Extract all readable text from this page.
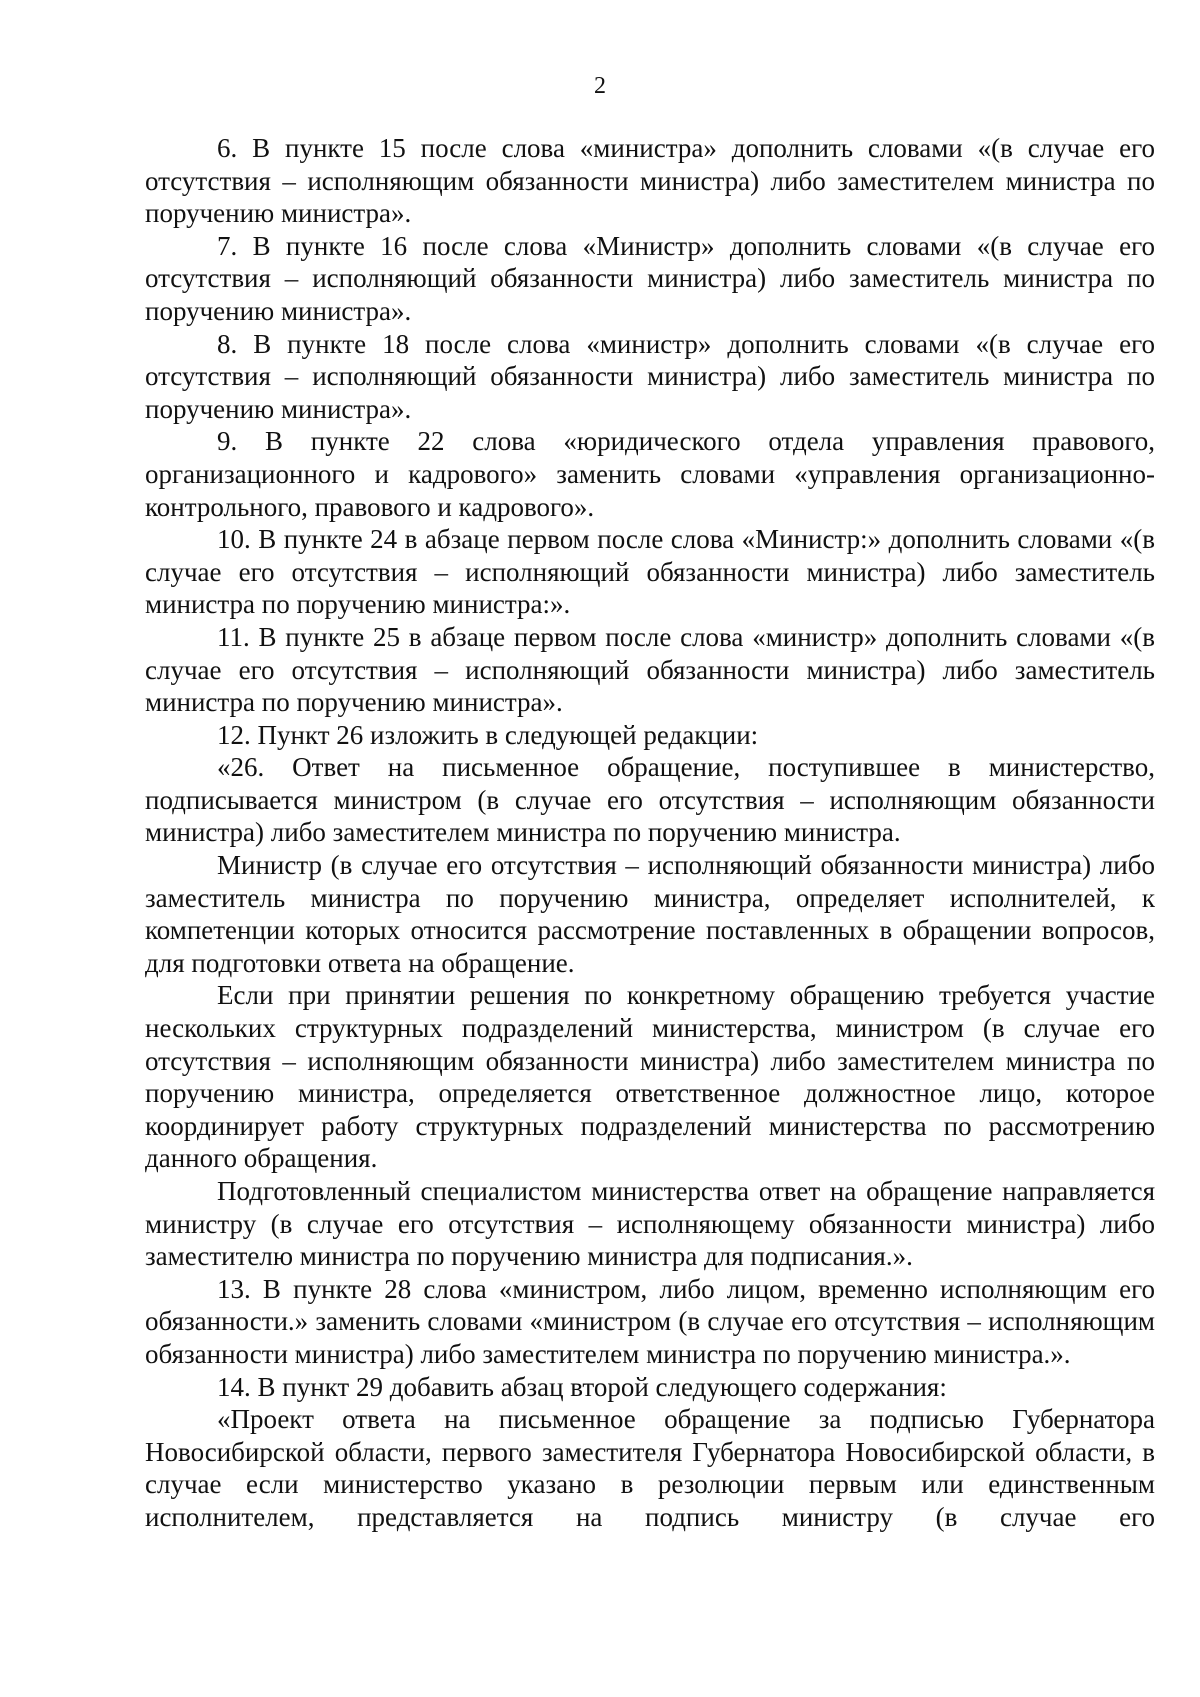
2

6. В пункте 15 после слова «министра» дополнить словами «(в случае его отсутствия – исполняющим обязанности министра) либо заместителем министра по поручению министра».

7. В пункте 16 после слова «Министр» дополнить словами «(в случае его отсутствия – исполняющий обязанности министра) либо заместитель министра по поручению министра».

8. В пункте 18 после слова «министр» дополнить словами «(в случае его отсутствия – исполняющий обязанности министра) либо заместитель министра по поручению министра».

9. В пункте 22 слова «юридического отдела управления правового, организационного и кадрового» заменить словами «управления организационно-контрольного, правового и кадрового».

10. В пункте 24 в абзаце первом после слова «Министр:» дополнить словами «(в случае его отсутствия – исполняющий обязанности министра) либо заместитель министра по поручению министра:».

11. В пункте 25 в абзаце первом после слова «министр» дополнить словами «(в случае его отсутствия – исполняющий обязанности министра) либо заместитель министра по поручению министра».

12. Пункт 26 изложить в следующей редакции:

«26. Ответ на письменное обращение, поступившее в министерство, подписывается министром (в случае его отсутствия – исполняющим обязанности министра) либо заместителем министра по поручению министра.

Министр (в случае его отсутствия – исполняющий обязанности министра) либо заместитель министра по поручению министра, определяет исполнителей, к компетенции которых относится рассмотрение поставленных в обращении вопросов, для подготовки ответа на обращение.

Если при принятии решения по конкретному обращению требуется участие нескольких структурных подразделений министерства, министром (в случае его отсутствия – исполняющим обязанности министра) либо заместителем министра по поручению министра, определяется ответственное должностное лицо, которое координирует работу структурных подразделений министерства по рассмотрению данного обращения.

Подготовленный специалистом министерства ответ на обращение направляется министру (в случае его отсутствия – исполняющему обязанности министра) либо заместителю министра по поручению министра для подписания.».

13. В пункте 28 слова «министром, либо лицом, временно исполняющим его обязанности.» заменить словами «министром (в случае его отсутствия – исполняющим обязанности министра) либо заместителем министра по поручению министра.».

14. В пункт 29 добавить абзац второй следующего содержания:

«Проект ответа на письменное обращение за подписью Губернатора Новосибирской области, первого заместителя Губернатора Новосибирской области, в случае если министерство указано в резолюции первым или единственным исполнителем, представляется на подпись министру (в случае его
